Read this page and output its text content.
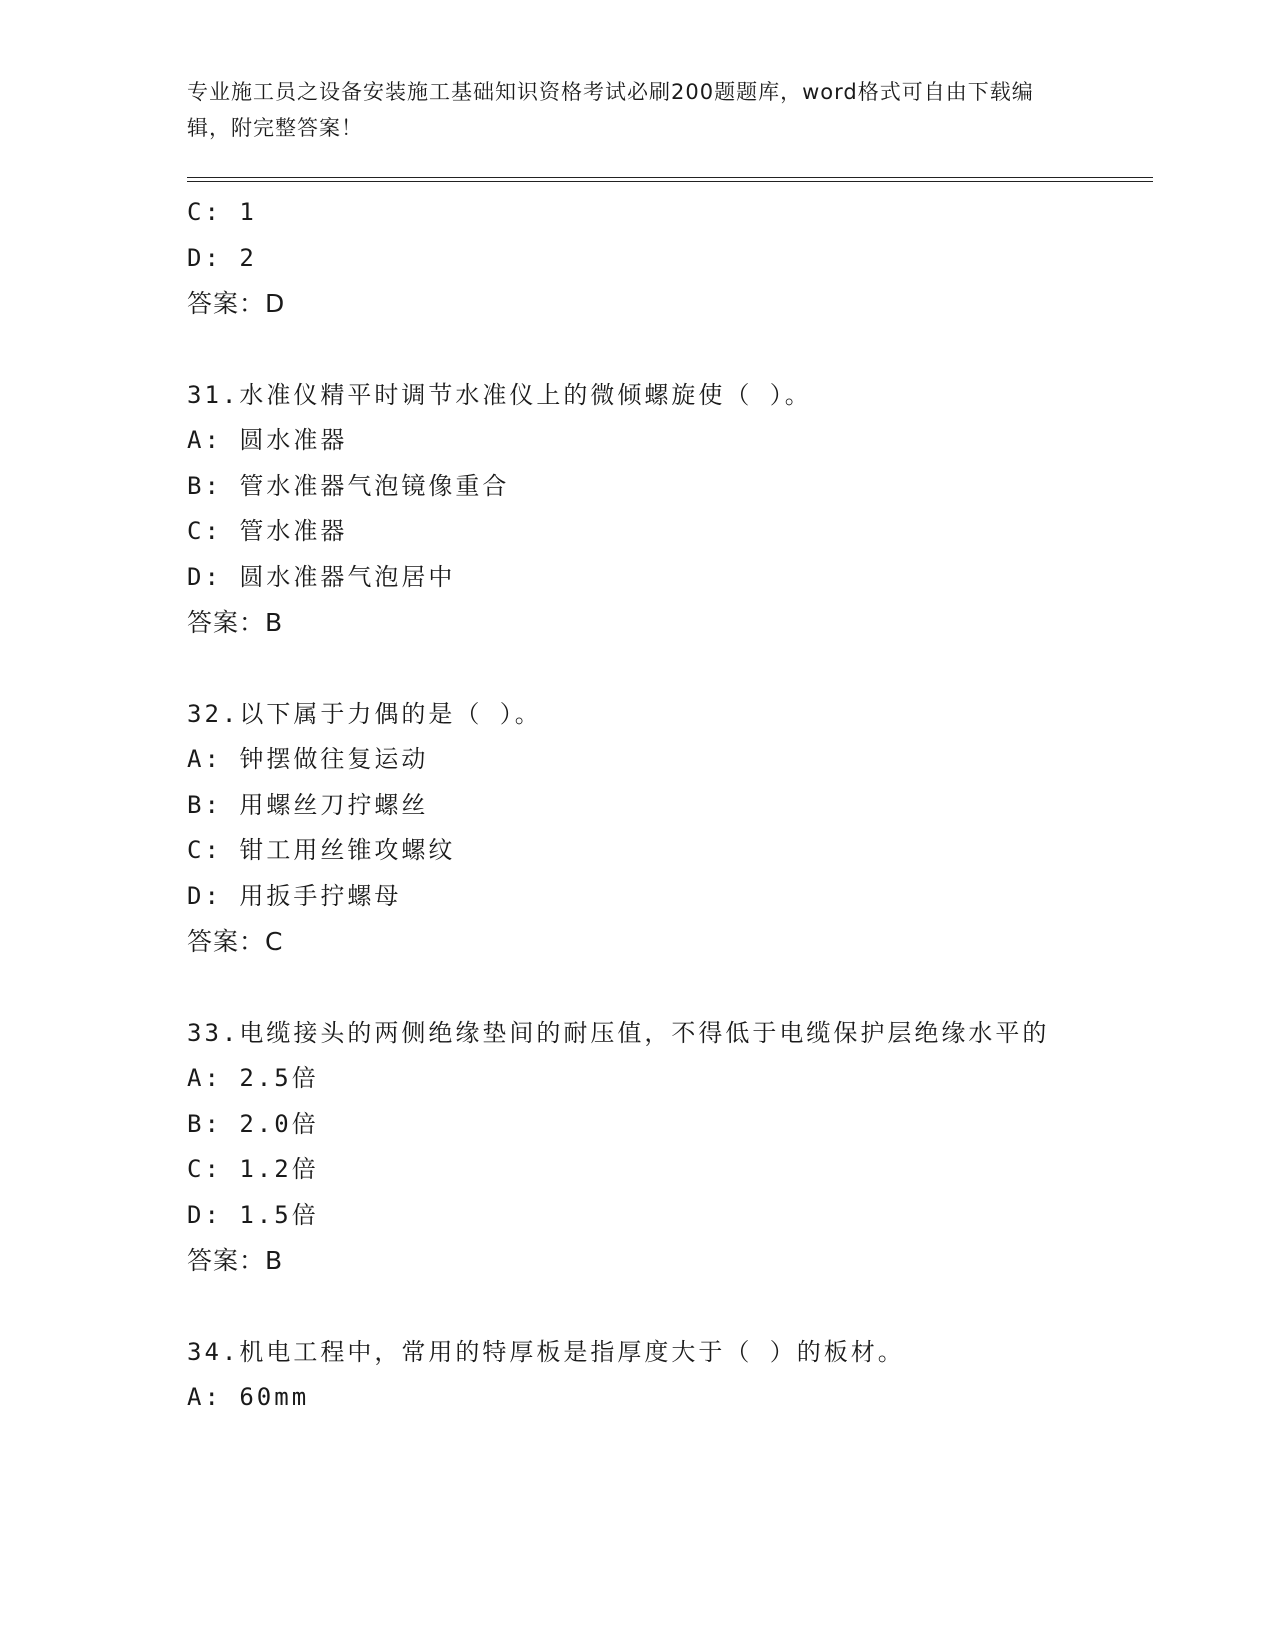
专业施工员之设备安装施工基础知识资格考试必刷200题题库，word格式可自由下载编辑，附完整答案！
C: 1
D: 2
答案：D
31.水准仪精平时调节水准仪上的微倾螺旋使（ ）。
A: 圆水准器
B: 管水准器气泡镜像重合
C: 管水准器
D: 圆水准器气泡居中
答案：B
32.以下属于力偶的是（ ）。
A: 钟摆做往复运动
B: 用螺丝刀拧螺丝
C: 钳工用丝锥攻螺纹
D: 用扳手拧螺母
答案：C
33.电缆接头的两侧绝缘垫间的耐压值，不得低于电缆保护层绝缘水平的
A: 2.5倍
B: 2.0倍
C: 1.2倍
D: 1.5倍
答案：B
34.机电工程中，常用的特厚板是指厚度大于（ ）的板材。
A: 60mm
